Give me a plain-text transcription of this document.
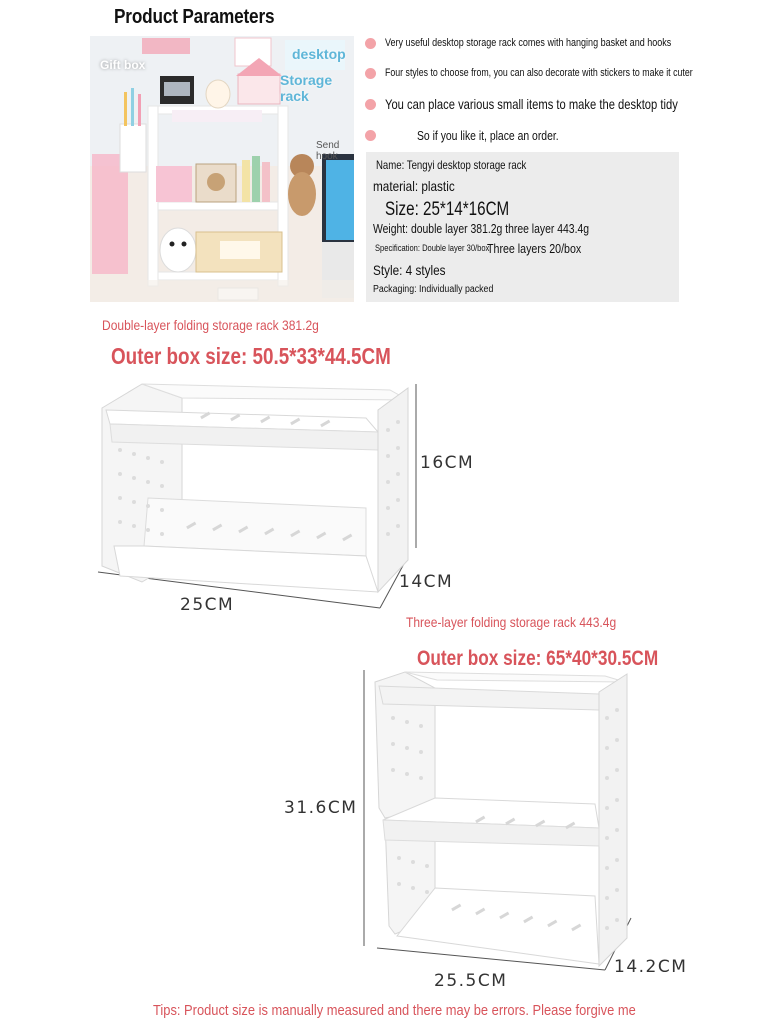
Product Parameters
Gift box
desktop
Storage rack
Send hook
Very useful desktop storage rack comes with hanging basket and hooks
Four styles to choose from, you can also decorate with stickers to make it cuter
You can place various small items to make the desktop tidy
So if you like it, place an order.
Name: Tengyi desktop storage rack
material: plastic
Size: 25*14*16CM
Weight: double layer 381.2g three layer 443.4g
Specification: Double layer 30/box
Three layers 20/box
Style: 4 styles
Packaging: Individually packed
Double-layer folding storage rack 381.2g
Outer box size: 50.5*33*44.5CM
16CM
14CM
25CM
Three-layer folding storage rack 443.4g
Outer box size: 65*40*30.5CM
31.6CM
14.2CM
25.5CM
Tips: Product size is manually measured and there may be errors. Please forgive me
